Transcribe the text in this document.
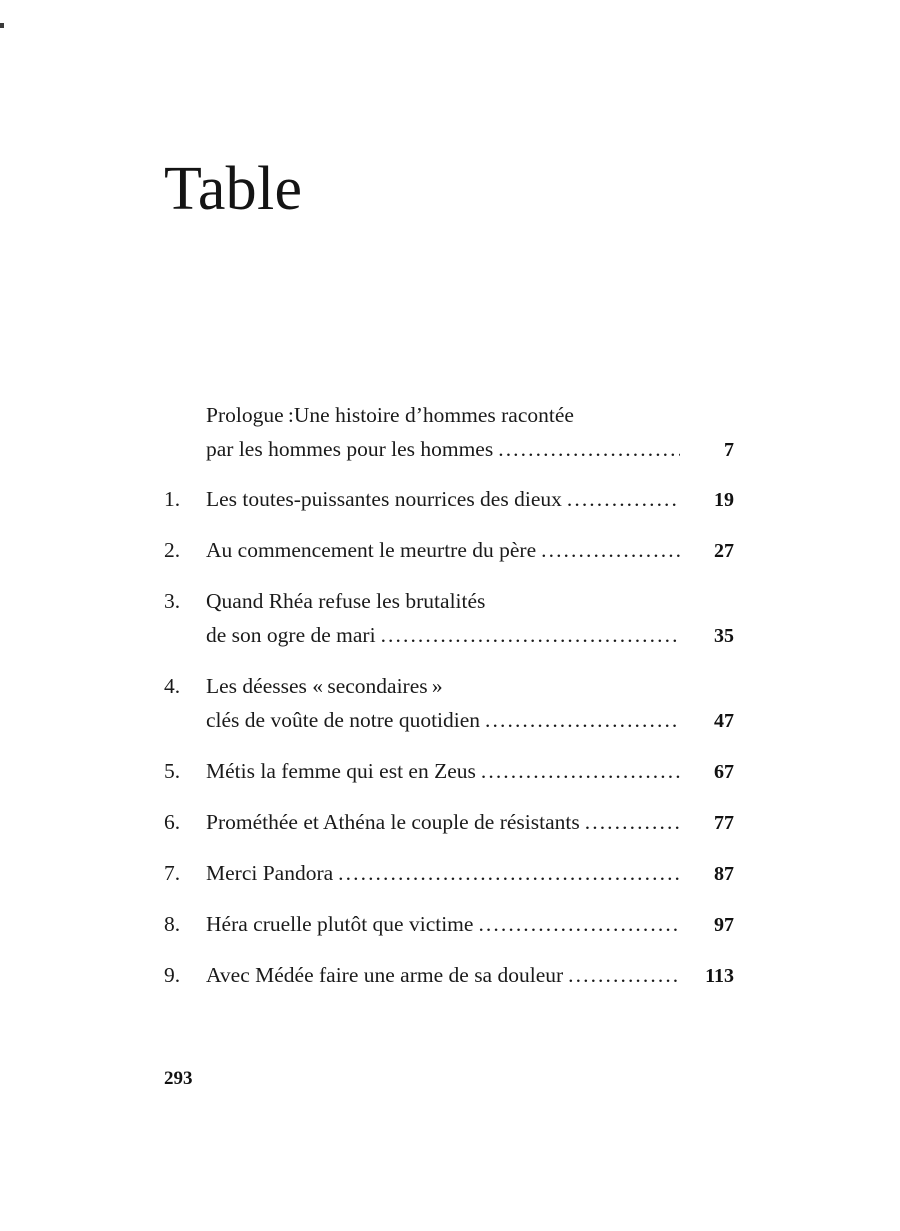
Table
Prologue :Une histoire d’hommes racontée
par les hommes pour les hommes .....	7
1.	Les toutes-puissantes nourrices des dieux .....	19
2.	Au commencement le meurtre du père .....	27
3.	Quand Rhéa refuse les brutalités
de son ogre de mari .....	35
4.	Les déesses « secondaires »
clés de voûte de notre quotidien .....	47
5.	Métis la femme qui est en Zeus .....	67
6.	Prométhée et Athéna le couple de résistants .....	77
7.	Merci Pandora .....	87
8.	Héra cruelle plutôt que victime .....	97
9.	Avec Médée faire une arme de sa douleur .....	113
293
